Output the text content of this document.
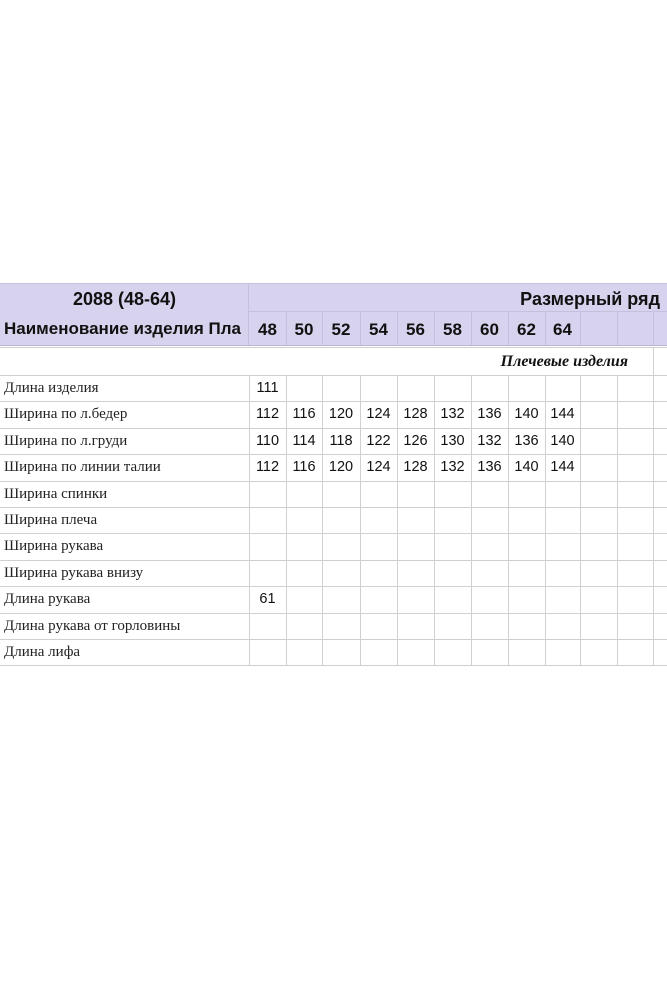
2088 (48-64)
Наименование изделия Пла
Размерный ряд
48	50	52	54	56	58	60	62	64
Плечевые изделия
Длина изделия	111
Ширина по л.бедер	112 116 120 124 128 132 136 140 144
Ширина по л.груди	110 114 118 122 126 130 132 136 140
Ширина по линии талии	112 116 120 124 128 132 136 140 144
Ширина спинки
Ширина плеча
Ширина рукава
Ширина рукава внизу
Длина рукава	61
Длина рукава от горловины
Длина лифа
